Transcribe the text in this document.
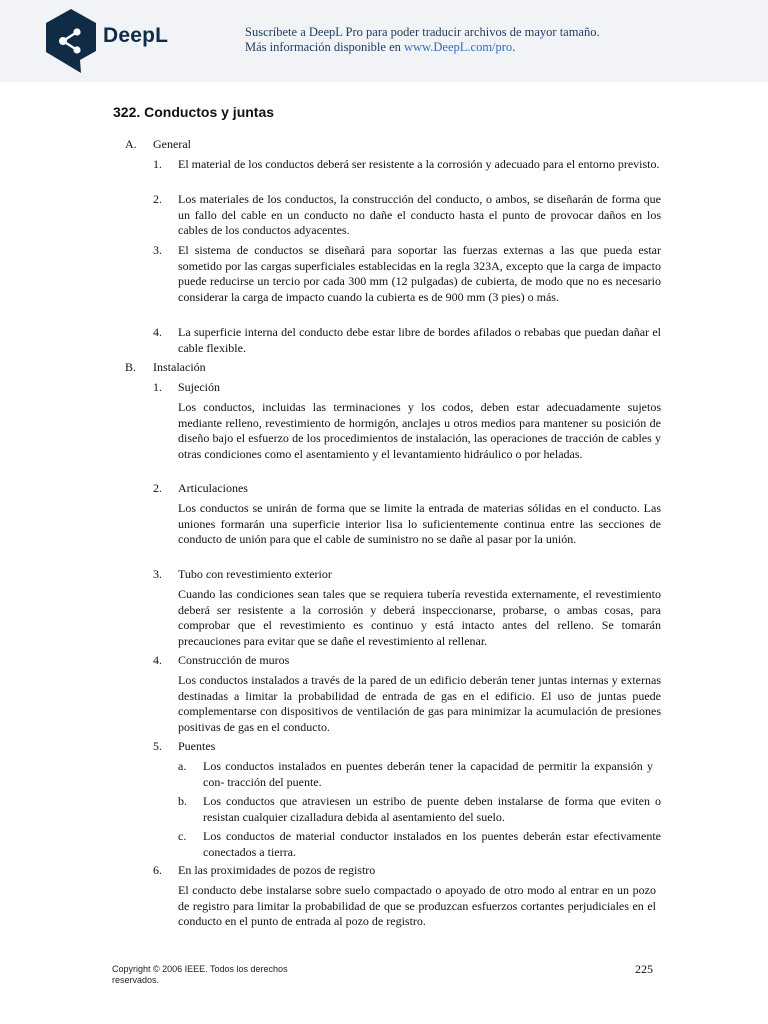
DeepL	Suscríbete a DeepL Pro para poder traducir archivos de mayor tamaño.
Más información disponible en www.DeepL.com/pro.
322. Conductos y juntas
A. General
1. El material de los conductos deberá ser resistente a la corrosión y adecuado para el entorno previsto.
2. Los materiales de los conductos, la construcción del conducto, o ambos, se diseñarán de forma que un fallo del cable en un conducto no dañe el conducto hasta el punto de provocar daños en los cables de los conductos adyacentes.
3. El sistema de conductos se diseñará para soportar las fuerzas externas a las que pueda estar sometido por las cargas superficiales establecidas en la regla 323A, excepto que la carga de impacto puede reducirse un tercio por cada 300 mm (12 pulgadas) de cubierta, de modo que no es necesario considerar la carga de impacto cuando la cubierta es de 900 mm (3 pies) o más.
4. La superficie interna del conducto debe estar libre de bordes afilados o rebabas que puedan dañar el cable flexible.
B. Instalación
1. Sujeción
Los conductos, incluidas las terminaciones y los codos, deben estar adecuadamente sujetos mediante relleno, revestimiento de hormigón, anclajes u otros medios para mantener su posición de diseño bajo el esfuerzo de los procedimientos de instalación, las operaciones de tracción de cables y otras condiciones como el asentamiento y el levantamiento hidráulico o por heladas.
2. Articulaciones
Los conductos se unirán de forma que se limite la entrada de materias sólidas en el conducto. Las uniones formarán una superficie interior lisa lo suficientemente continua entre las secciones de conducto de unión para que el cable de suministro no se dañe al pasar por la unión.
3. Tubo con revestimiento exterior
Cuando las condiciones sean tales que se requiera tubería revestida externamente, el revestimiento deberá ser resistente a la corrosión y deberá inspeccionarse, probarse, o ambas cosas, para comprobar que el revestimiento es continuo y está intacto antes del relleno. Se tomarán precauciones para evitar que se dañe el revestimiento al rellenar.
4. Construcción de muros
Los conductos instalados a través de la pared de un edificio deberán tener juntas internas y externas destinadas a limitar la probabilidad de entrada de gas en el edificio. El uso de juntas puede complementarse con dispositivos de ventilación de gas para minimizar la acumulación de presiones positivas de gas en el conducto.
5. Puentes
a. Los conductos instalados en puentes deberán tener la capacidad de permitir la expansión y con- tracción del puente.
b. Los conductos que atraviesen un estribo de puente deben instalarse de forma que eviten o resistan cualquier cizalladura debida al asentamiento del suelo.
c. Los conductos de material conductor instalados en los puentes deberán estar efectivamente conectados a tierra.
6. En las proximidades de pozos de registro
El conducto debe instalarse sobre suelo compactado o apoyado de otro modo al entrar en un pozo de registro para limitar la probabilidad de que se produzcan esfuerzos cortantes perjudiciales en el conducto en el punto de entrada al pozo de registro.
Copyright © 2006 IEEE. Todos los derechos reservados.
225
